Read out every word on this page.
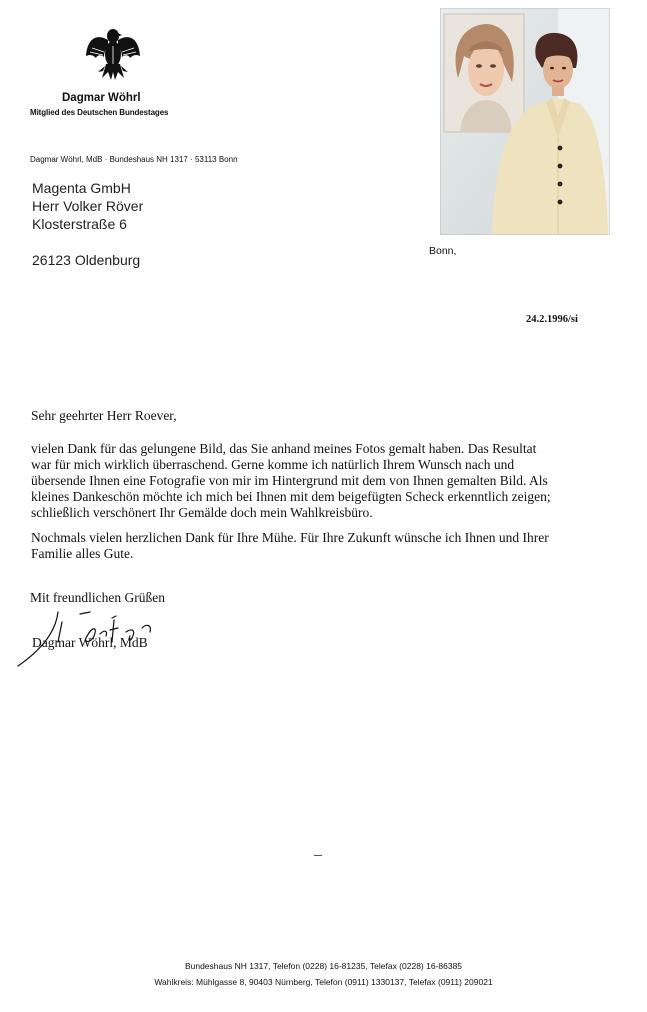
Dagmar Wöhrl
Mitglied des Deutschen Bundestages
Dagmar Wöhrl, MdB · Bundeshaus NH 1317 · 53113 Bonn
Magenta GmbH
Herr Volker Röver
Klosterstraße 6
26123 Oldenburg
Bonn,
24.2.1996/si
Sehr geehrter Herr Roever,
vielen Dank für das gelungene Bild, das Sie anhand meines Fotos gemalt haben. Das Resultat
war für mich wirklich überraschend. Gerne komme ich natürlich Ihrem Wunsch nach und
übersende Ihnen eine Fotografie von mir im Hintergrund mit dem von Ihnen gemalten Bild. Als
kleines Dankeschön möchte ich mich bei Ihnen mit dem beigefügten Scheck erkenntlich zeigen;
schließlich verschönert Ihr Gemälde doch mein Wahlkreisbüro.
Nochmals vielen herzlichen Dank für Ihre Mühe. Für Ihre Zukunft wünsche ich Ihnen und Ihrer
Familie alles Gute.
Mit freundlichen Grüßen
Dagmar Wöhrl, MdB
Bundeshaus NH 1317, Telefon (0228) 16-81235, Telefax (0228) 16-86385
Wahlkreis: Mühlgasse 8, 90403 Nürnberg, Telefon (0911) 1330137, Telefax (0911) 209021
